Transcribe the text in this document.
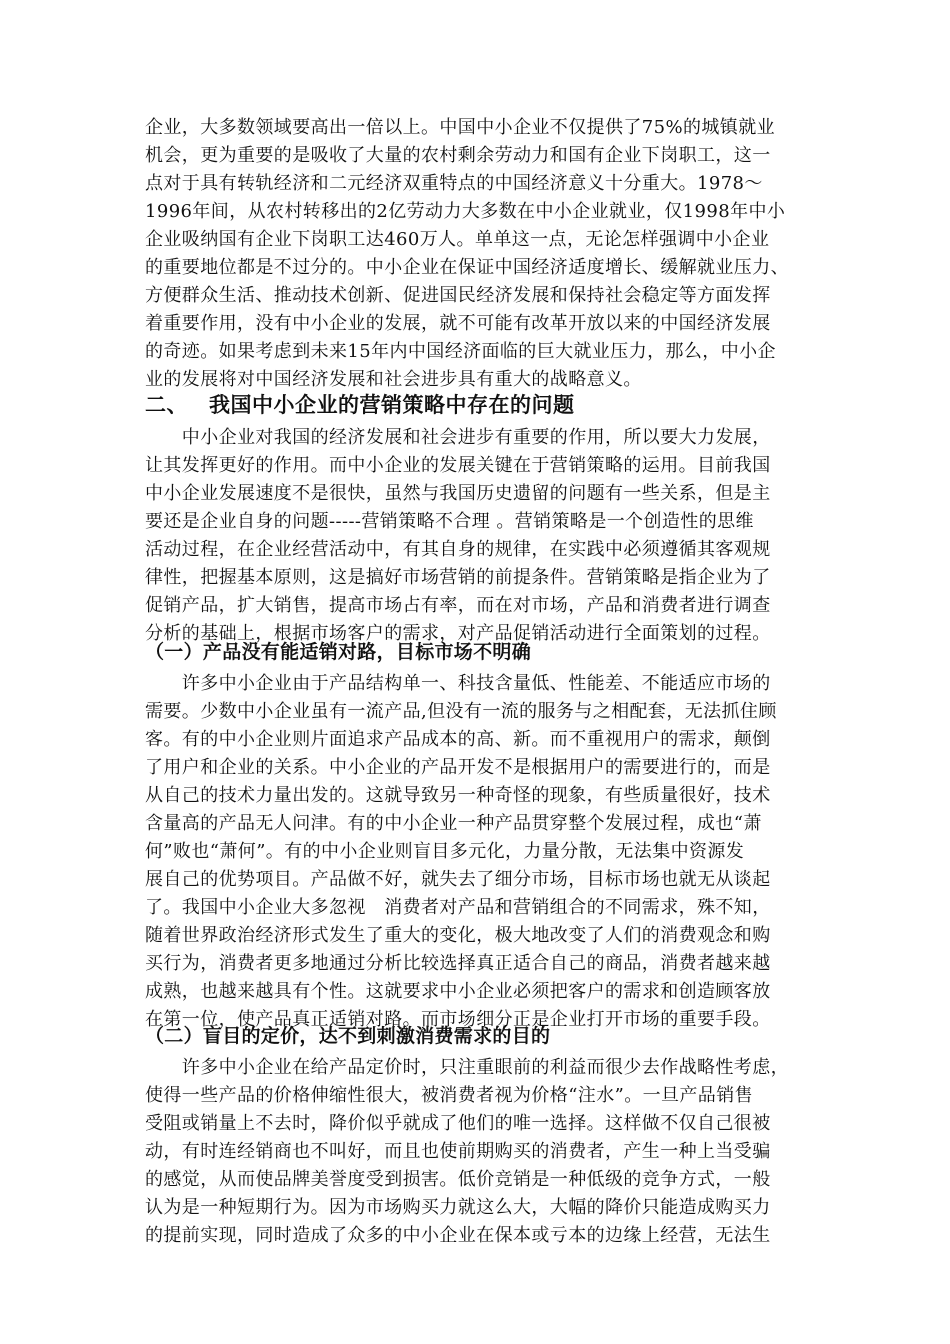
企业，大多数领域要高出一倍以上。中国中小企业不仅提供了75%的城镇就业
机会，更为重要的是吸收了大量的农村剩余劳动力和国有企业下岗职工，这一
点对于具有转轨经济和二元经济双重特点的中国经济意义十分重大。1978～
1996年间，从农村转移出的2亿劳动力大多数在中小企业就业，仅1998年中小
企业吸纳国有企业下岗职工达460万人。单单这一点，无论怎样强调中小企业
的重要地位都是不过分的。中小企业在保证中国经济适度增长、缓解就业压力、
方便群众生活、推动技术创新、促进国民经济发展和保持社会稳定等方面发挥
着重要作用，没有中小企业的发展，就不可能有改革开放以来的中国经济发展
的奇迹。如果考虑到未来15年内中国经济面临的巨大就业压力，那么，中小企
业的发展将对中国经济发展和社会进步具有重大的战略意义。
二、 我国中小企业的营销策略中存在的问题
　　中小企业对我国的经济发展和社会进步有重要的作用，所以要大力发展，
让其发挥更好的作用。而中小企业的发展关键在于营销策略的运用。目前我国
中小企业发展速度不是很快，虽然与我国历史遗留的问题有一些关系，但是主
要还是企业自身的问题-----营销策略不合理 。营销策略是一个创造性的思维
活动过程，在企业经营活动中，有其自身的规律，在实践中必须遵循其客观规
律性，把握基本原则，这是搞好市场营销的前提条件。营销策略是指企业为了
促销产品，扩大销售，提高市场占有率，而在对市场，产品和消费者进行调查
分析的基础上，根据市场客户的需求，对产品促销活动进行全面策划的过程。
（一）产品没有能适销对路，目标市场不明确
　　许多中小企业由于产品结构单一、科技含量低、性能差、不能适应市场的
需要。少数中小企业虽有一流产品,但没有一流的服务与之相配套，无法抓住顾
客。有的中小企业则片面追求产品成本的高、新。而不重视用户的需求，颠倒
了用户和企业的关系。中小企业的产品开发不是根据用户的需要进行的，而是
从自己的技术力量出发的。这就导致另一种奇怪的现象，有些质量很好，技术
含量高的产品无人问津。有的中小企业一种产品贯穿整个发展过程，成也“萧
何”败也“萧何”。有的中小企业则盲目多元化，力量分散，无法集中资源发
展自己的优势项目。产品做不好，就失去了细分市场，目标市场也就无从谈起
了。我国中小企业大多忽视　消费者对产品和营销组合的不同需求，殊不知，
随着世界政治经济形式发生了重大的变化，极大地改变了人们的消费观念和购
买行为，消费者更多地通过分析比较选择真正适合自己的商品，消费者越来越
成熟，也越来越具有个性。这就要求中小企业必须把客户的需求和创造顾客放
在第一位，使产品真正适销对路。而市场细分正是企业打开市场的重要手段。
（二）盲目的定价，达不到刺激消费需求的目的
　　许多中小企业在给产品定价时，只注重眼前的利益而很少去作战略性考虑，
使得一些产品的价格伸缩性很大，被消费者视为价格“注水”。一旦产品销售
受阻或销量上不去时，降价似乎就成了他们的唯一选择。这样做不仅自己很被
动，有时连经销商也不叫好，而且也使前期购买的消费者，产生一种上当受骗
的感觉，从而使品牌美誉度受到损害。低价竞销是一种低级的竞争方式，一般
认为是一种短期行为。因为市场购买力就这么大，大幅的降价只能造成购买力
的提前实现，同时造成了众多的中小企业在保本或亏本的边缘上经营，无法生
